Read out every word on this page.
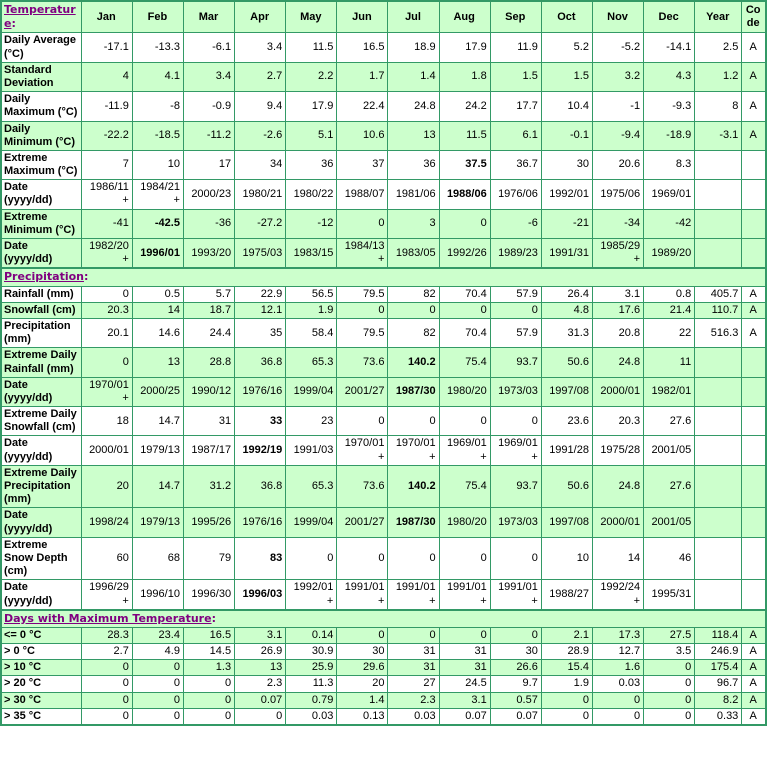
Temperature:	Jan	Feb	Mar	Apr	May	Jun	Jul	Aug	Sep	Oct	Nov	Dec	Year	Code
Daily Average (°C)	-17.1	-13.3	-6.1	3.4	11.5	16.5	18.9	17.9	11.9	5.2	-5.2	-14.1	2.5	A
Standard Deviation	4	4.1	3.4	2.7	2.2	1.7	1.4	1.8	1.5	1.5	3.2	4.3	1.2	A
Daily Maximum (°C)	-11.9	-8	-0.9	9.4	17.9	22.4	24.8	24.2	17.7	10.4	-1	-9.3	8	A
Daily Minimum (°C)	-22.2	-18.5	-11.2	-2.6	5.1	10.6	13	11.5	6.1	-0.1	-9.4	-18.9	-3.1	A
Extreme Maximum (°C)	7	10	17	34	36	37	36	37.5	36.7	30	20.6	8.3		
Date (yyyy/dd)	1986/11+	1984/21+	2000/23	1980/21	1980/22	1988/07	1981/06	1988/06	1976/06	1992/01	1975/06	1969/01		
Extreme Minimum (°C)	-41	-42.5	-36	-27.2	-12	0	3	0	-6	-21	-34	-42		
Date (yyyy/dd)	1982/20+	1996/01	1993/20	1975/03	1983/15	1984/13+	1983/05	1992/26	1989/23	1991/31	1985/29+	1989/20		
Precipitation:														
Rainfall (mm)	0	0.5	5.7	22.9	56.5	79.5	82	70.4	57.9	26.4	3.1	0.8	405.7	A
Snowfall (cm)	20.3	14	18.7	12.1	1.9	0	0	0	0	4.8	17.6	21.4	110.7	A
Precipitation (mm)	20.1	14.6	24.4	35	58.4	79.5	82	70.4	57.9	31.3	20.8	22	516.3	A
Extreme Daily Rainfall (mm)	0	13	28.8	36.8	65.3	73.6	140.2	75.4	93.7	50.6	24.8	11		
Date (yyyy/dd)	1970/01+	2000/25	1990/12	1976/16	1999/04	2001/27	1987/30	1980/20	1973/03	1997/08	2000/01	1982/01		
Extreme Daily Snowfall (cm)	18	14.7	31	33	23	0	0	0	0	23.6	20.3	27.6		
Date (yyyy/dd)	2000/01	1979/13	1987/17	1992/19	1991/03	1970/01+	1970/01+	1969/01+	1969/01+	1991/28	1975/28	2001/05		
Extreme Daily Precipitation (mm)	20	14.7	31.2	36.8	65.3	73.6	140.2	75.4	93.7	50.6	24.8	27.6		
Date (yyyy/dd)	1998/24	1979/13	1995/26	1976/16	1999/04	2001/27	1987/30	1980/20	1973/03	1997/08	2000/01	2001/05		
Extreme Snow Depth (cm)	60	68	79	83	0	0	0	0	0	10	14	46		
Date (yyyy/dd)	1996/29+	1996/10	1996/30	1996/03	1992/01+	1991/01+	1991/01+	1991/01+	1991/01+	1988/27	1992/24+	1995/31		
Days with Maximum Temperature:														
<= 0 °C	28.3	23.4	16.5	3.1	0.14	0	0	0	0	2.1	17.3	27.5	118.4	A
> 0 °C	2.7	4.9	14.5	26.9	30.9	30	31	31	30	28.9	12.7	3.5	246.9	A
> 10 °C	0	0	1.3	13	25.9	29.6	31	31	26.6	15.4	1.6	0	175.4	A
> 20 °C	0	0	0	2.3	11.3	20	27	24.5	9.7	1.9	0.03	0	96.7	A
> 30 °C	0	0	0	0.07	0.79	1.4	2.3	3.1	0.57	0	0	0	8.2	A
> 35 °C	0	0	0	0	0.03	0.13	0.03	0.07	0.07	0	0	0	0.33	A
